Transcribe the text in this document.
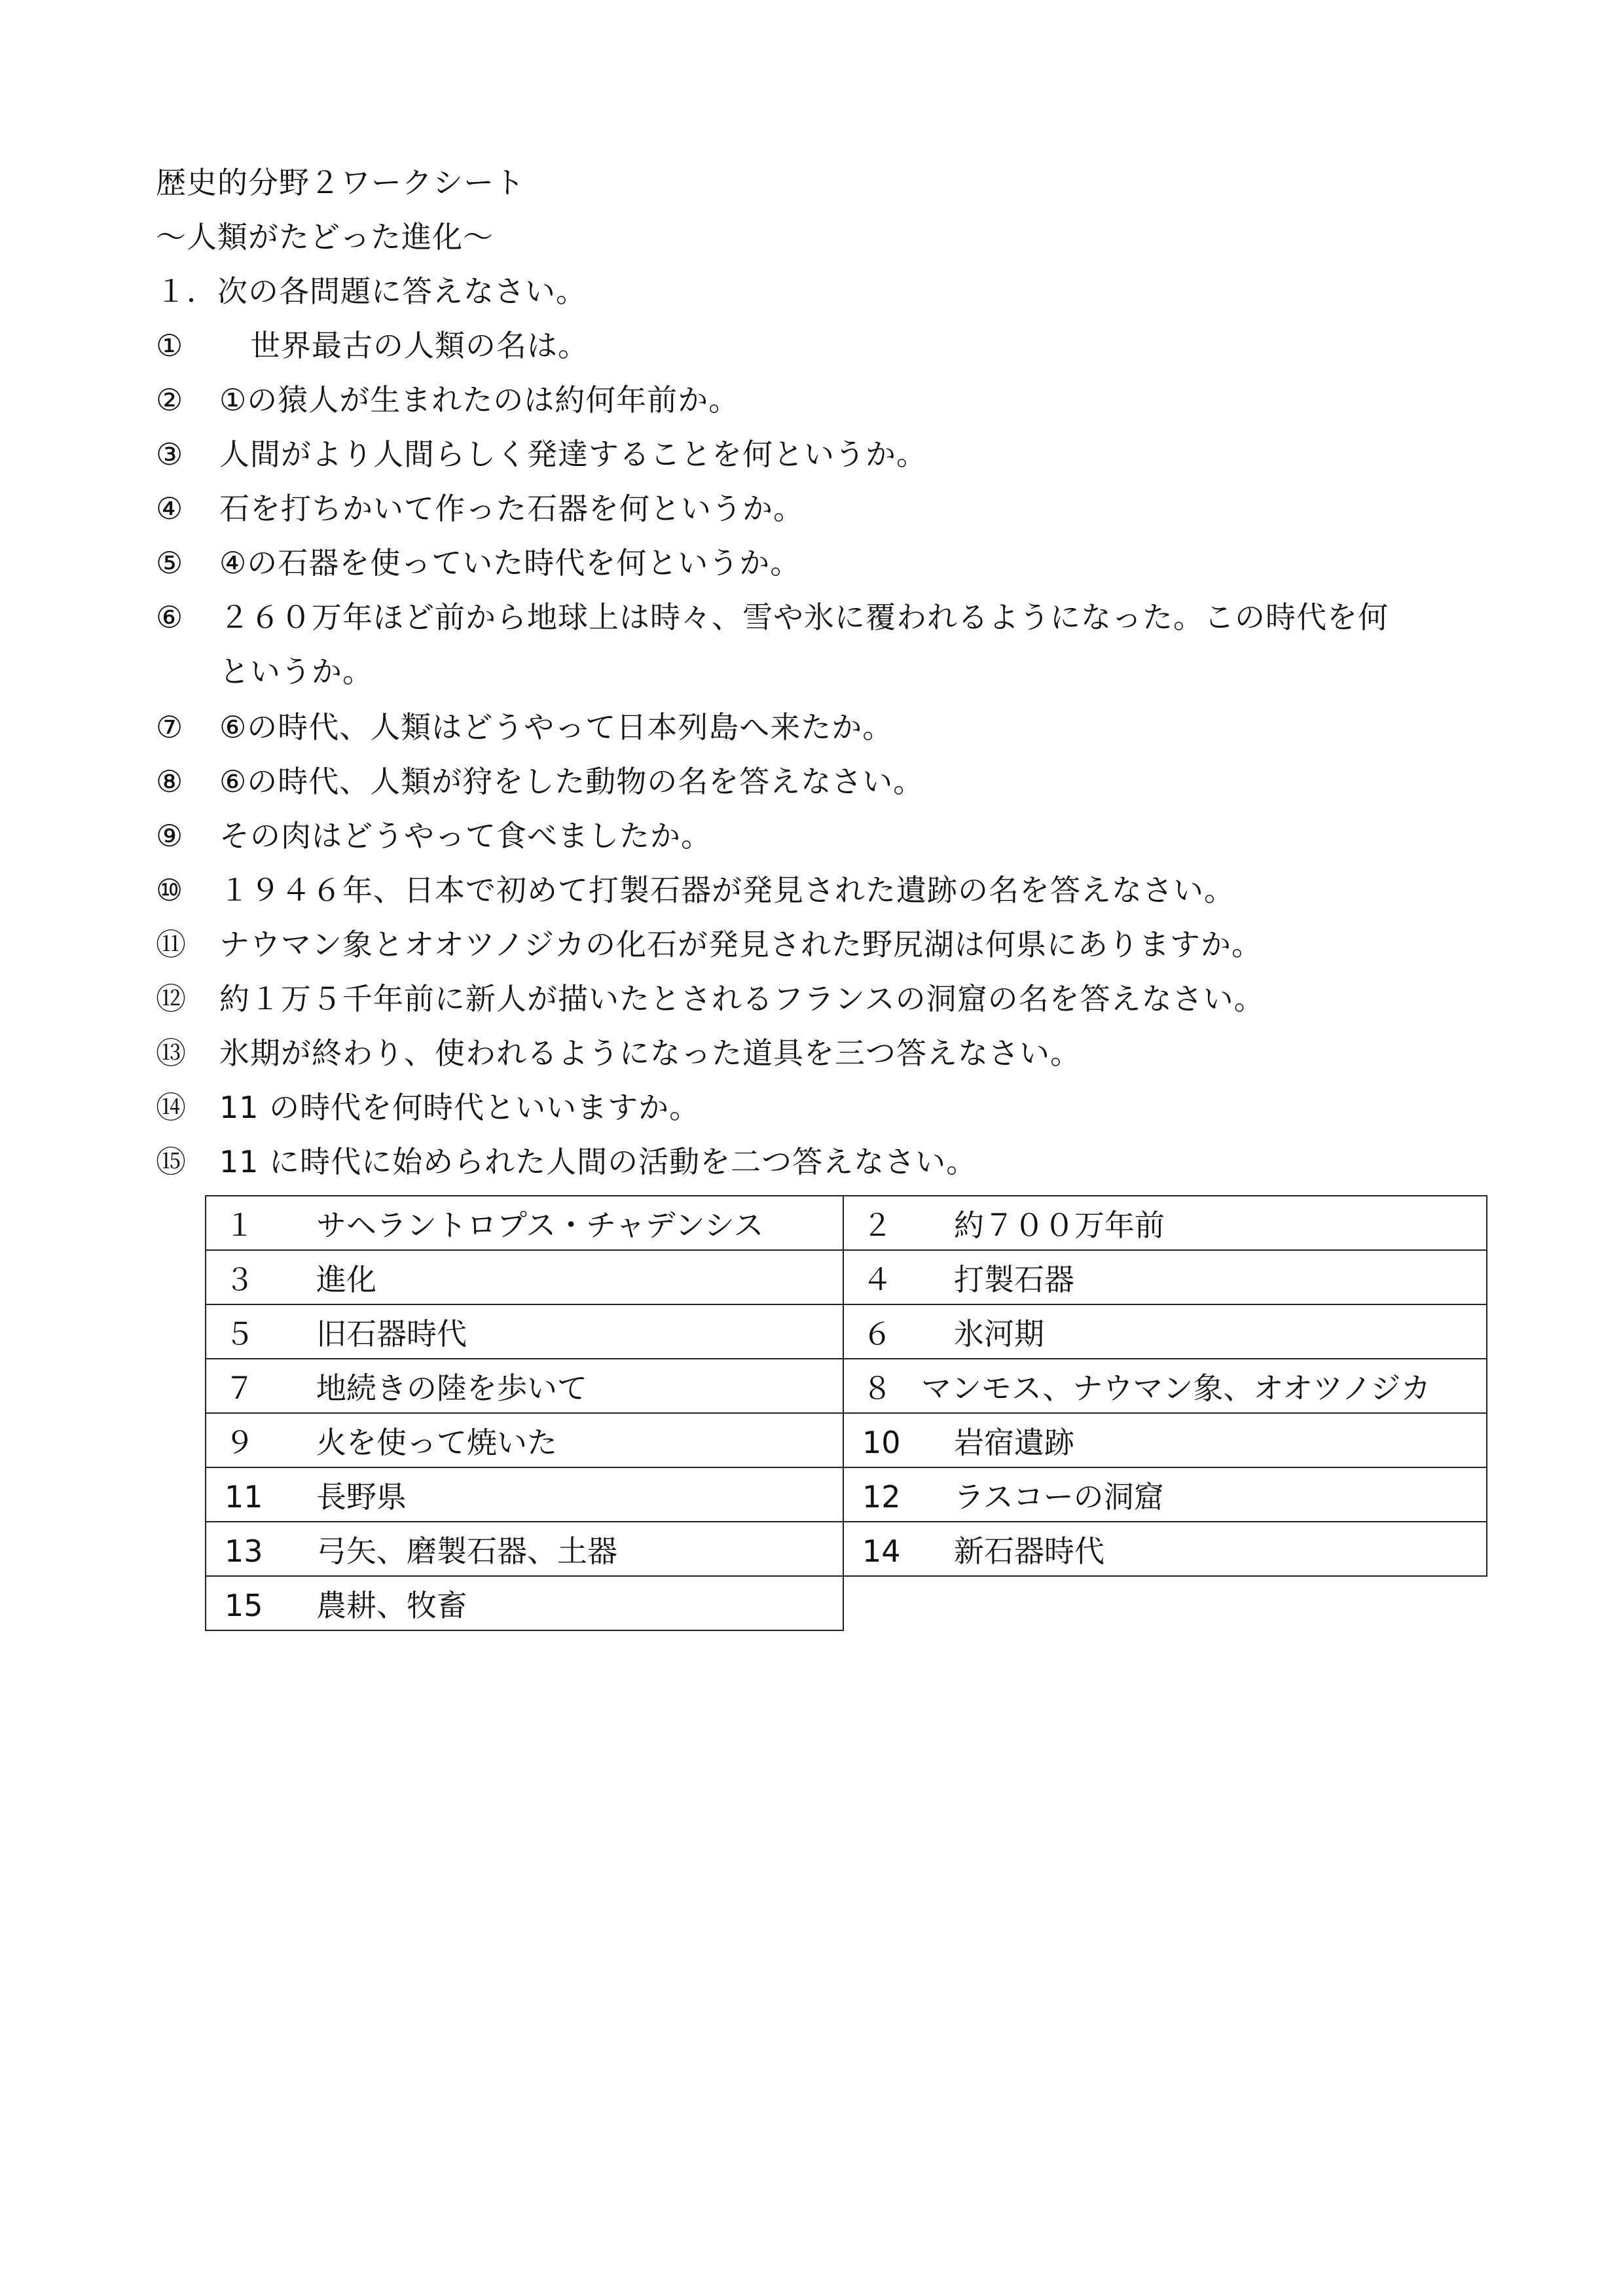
歴史的分野２ワークシート
～人類がたどった進化～
１．次の各問題に答えなさい。
①	　世界最古の人類の名は。
②	①の猿人が生まれたのは約何年前か。
③	人間がより人間らしく発達することを何というか。
④	石を打ちかいて作った石器を何というか。
⑤	④の石器を使っていた時代を何というか。
⑥	２６０万年ほど前から地球上は時々、雪や氷に覆われるようになった。この時代を何
というか。
⑦	⑥の時代、人類はどうやって日本列島へ来たか。
⑧	⑥の時代、人類が狩をした動物の名を答えなさい。
⑨	その肉はどうやって食べましたか。
⑩	１９４６年、日本で初めて打製石器が発見された遺跡の名を答えなさい。
⑪	ナウマン象とオオツノジカの化石が発見された野尻湖は何県にありますか。
⑫	約１万５千年前に新人が描いたとされるフランスの洞窟の名を答えなさい。
⑬	氷期が終わり、使われるようになった道具を三つ答えなさい。
⑭	11 の時代を何時代といいますか。
⑮	11 に時代に始められた人間の活動を二つ答えなさい。
１ サヘラントロプス・チャデンシス	２ 約７００万年前
３ 進化	４ 打製石器
５ 旧石器時代	６ 氷河期
７ 地続きの陸を歩いて	８ マンモス、ナウマン象、オオツノジカ
９ 火を使って焼いた	10 岩宿遺跡
11 長野県	12 ラスコーの洞窟
13 弓矢、磨製石器、土器	14 新石器時代
15 農耕、牧畜	
